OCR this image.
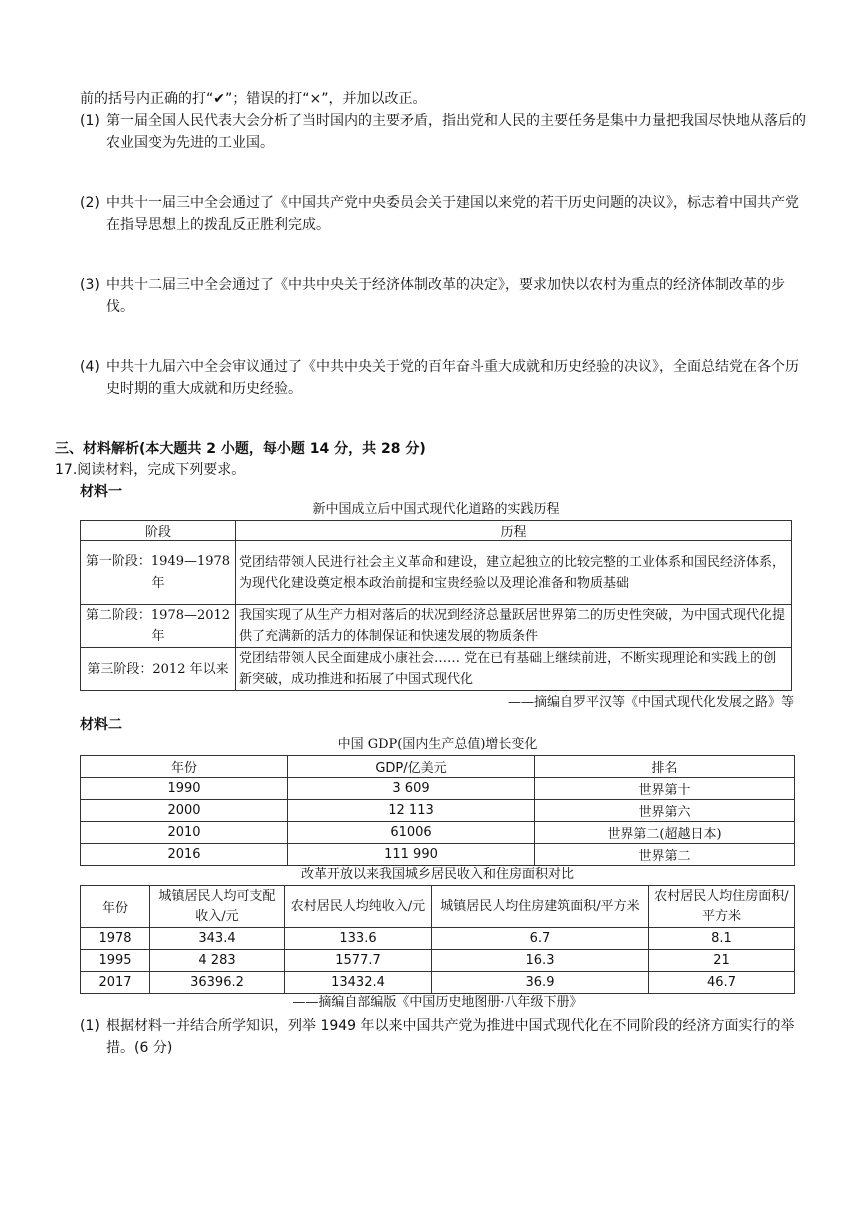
前的括号内正确的打“✔”；错误的打“×”，并加以改正。
(1) 第一届全国人民代表大会分析了当时国内的主要矛盾，指出党和人民的主要任务是集中力量把我国尽快地从落后的农业国变为先进的工业国。
(2) 中共十一届三中全会通过了《中国共产党中央委员会关于建国以来党的若干历史问题的决议》，标志着中国共产党在指导思想上的拨乱反正胜利完成。
(3) 中共十二届三中全会通过了《中共中央关于经济体制改革的决定》，要求加快以农村为重点的经济体制改革的步伐。
(4) 中共十九届六中全会审议通过了《中共中央关于党的百年奋斗重大成就和历史经验的决议》，全面总结党在各个历史时期的重大成就和历史经验。
三、材料解析(本大题共 2 小题，每小题 14 分，共 28 分)
17.阅读材料，完成下列要求。
材料一
新中国成立后中国式现代化道路的实践历程
阶段	历程
第一阶段：1949—1978 年	党团结带领人民进行社会主义革命和建设，建立起独立的比较完整的工业体系和国民经济体系，为现代化建设奠定根本政治前提和宝贵经验以及理论准备和物质基础
第二阶段：1978—2012 年	我国实现了从生产力相对落后的状况到经济总量跃居世界第二的历史性突破，为中国式现代化提供了充满新的活力的体制保证和快速发展的物质条件
第三阶段：2012 年以来	党团结带领人民全面建成小康社会…… 党在已有基础上继续前进，不断实现理论和实践上的创新突破，成功推进和拓展了中国式现代化
——摘编自罗平汉等《中国式现代化发展之路》等
材料二
中国 GDP(国内生产总值)增长变化
年份	GDP/亿美元	排名
1990	3 609	世界第十
2000	12 113	世界第六
2010	61006	世界第二(超越日本)
2016	111 990	世界第二
改革开放以来我国城乡居民收入和住房面积对比
年份	城镇居民人均可支配收入/元	农村居民人均纯收入/元	城镇居民人均住房建筑面积/平方米	农村居民人均住房面积/平方米
1978	343.4	133.6	6.7	8.1
1995	4 283	1577.7	16.3	21
2017	36396.2	13432.4	36.9	46.7
——摘编自部编版《中国历史地图册·八年级下册》
(1) 根据材料一并结合所学知识，列举 1949 年以来中国共产党为推进中国式现代化在不同阶段的经济方面实行的举措。(6 分)
